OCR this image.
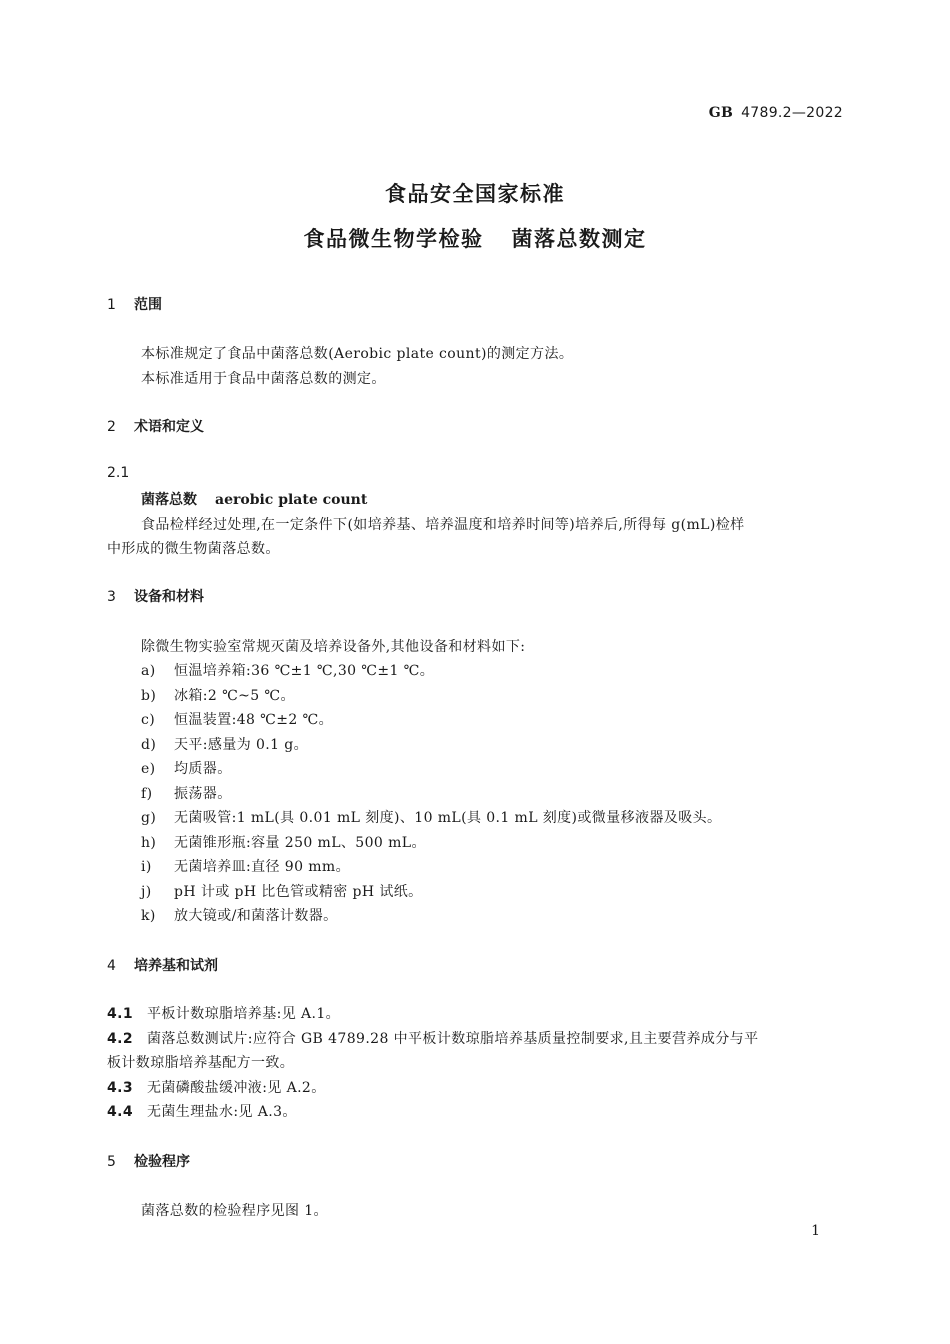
GB 4789.2—2022
食品安全国家标准
食品微生物学检验 菌落总数测定
1 范围
本标准规定了食品中菌落总数(Aerobic plate count)的测定方法。
本标准适用于食品中菌落总数的测定。
2 术语和定义
2.1
菌落总数 aerobic plate count
食品检样经过处理,在一定条件下(如培养基、培养温度和培养时间等)培养后,所得每 g(mL)检样
中形成的微生物菌落总数。
3 设备和材料
除微生物实验室常规灭菌及培养设备外,其他设备和材料如下:
a) 恒温培养箱:36 ℃±1 ℃,30 ℃±1 ℃。
b) 冰箱:2 ℃~5 ℃。
c) 恒温装置:48 ℃±2 ℃。
d) 天平:感量为 0.1 g。
e) 均质器。
f) 振荡器。
g) 无菌吸管:1 mL(具 0.01 mL 刻度)、10 mL(具 0.1 mL 刻度)或微量移液器及吸头。
h) 无菌锥形瓶:容量 250 mL、500 mL。
i) 无菌培养皿:直径 90 mm。
j) pH 计或 pH 比色管或精密 pH 试纸。
k) 放大镜或/和菌落计数器。
4 培养基和试剂
4.1 平板计数琼脂培养基:见 A.1。
4.2 菌落总数测试片:应符合 GB 4789.28 中平板计数琼脂培养基质量控制要求,且主要营养成分与平
板计数琼脂培养基配方一致。
4.3 无菌磷酸盐缓冲液:见 A.2。
4.4 无菌生理盐水:见 A.3。
5 检验程序
菌落总数的检验程序见图 1。
1
